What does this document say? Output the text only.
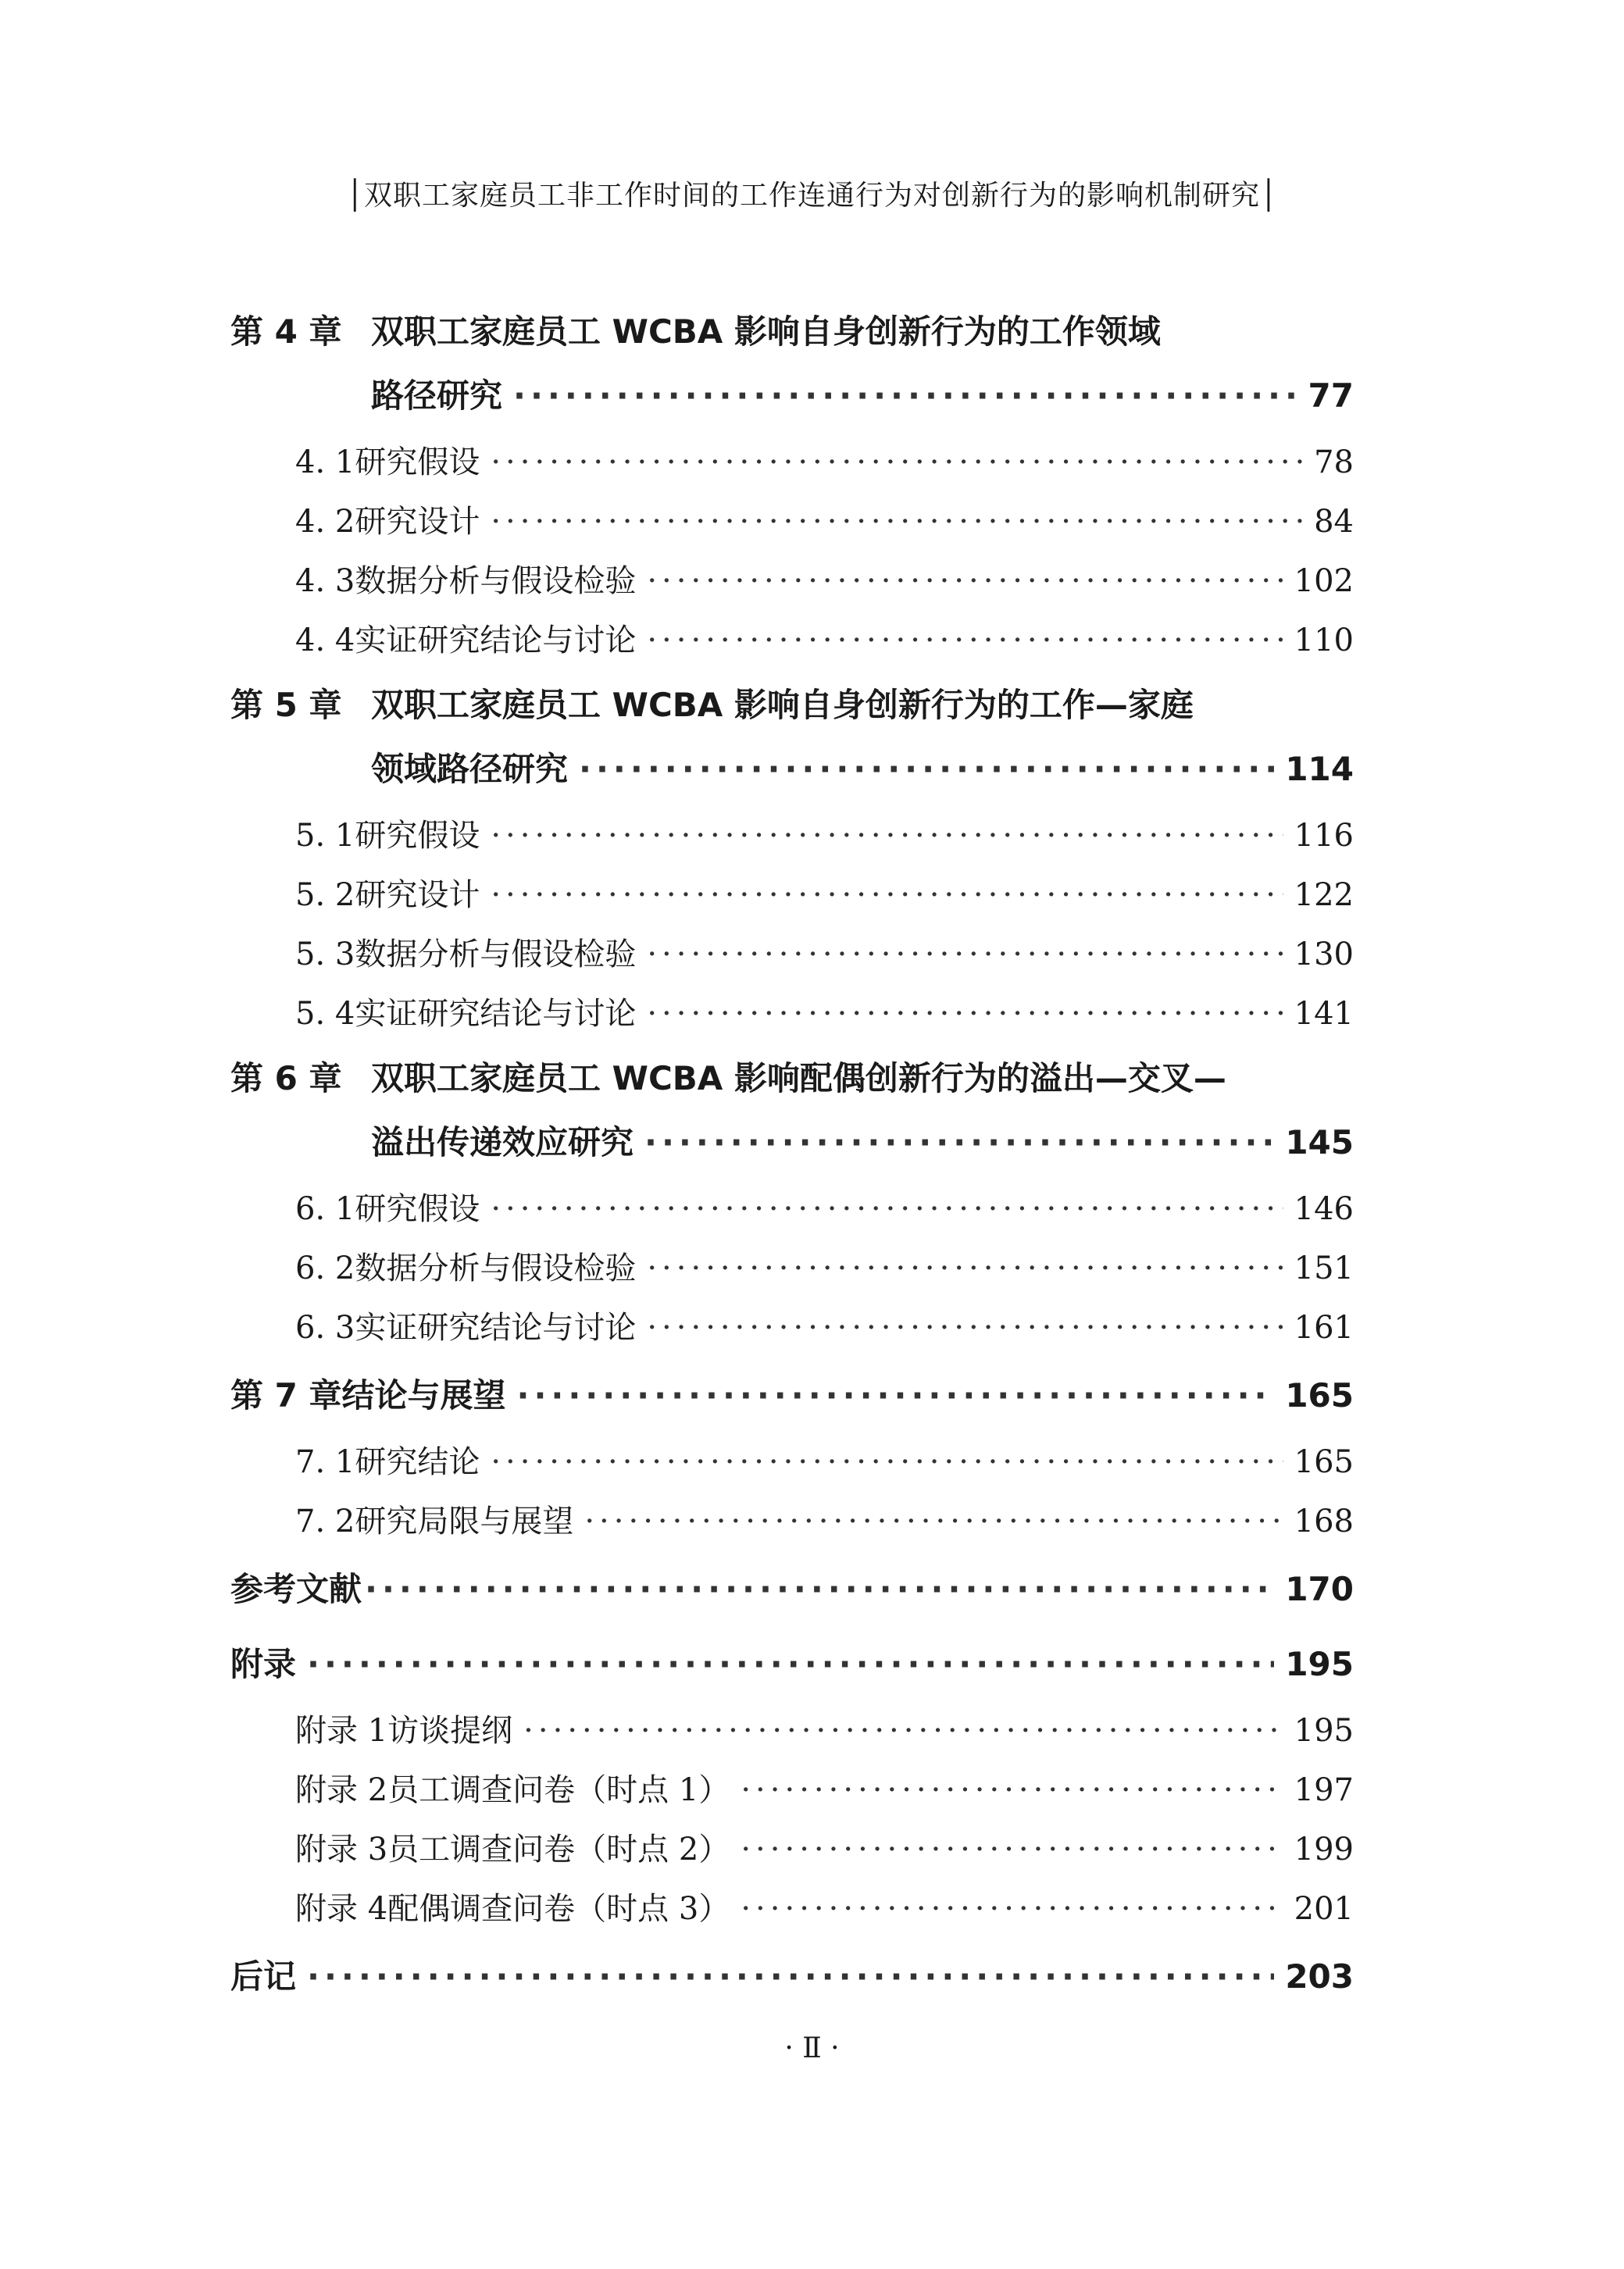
│双职工家庭员工非工作时间的工作连通行为对创新行为的影响机制研究│
第 4 章 双职工家庭员工 WCBA 影响自身创新行为的工作领域
路径研究 ·····	77
4. 1 研究假设 ·····	78
4. 2 研究设计 ·····	84
4. 3 数据分析与假设检验 ·····	102
4. 4 实证研究结论与讨论 ·····	110
第 5 章 双职工家庭员工 WCBA 影响自身创新行为的工作—家庭
领域路径研究 ·····	114
5. 1 研究假设 ·····	116
5. 2 研究设计 ·····	122
5. 3 数据分析与假设检验 ·····	130
5. 4 实证研究结论与讨论 ·····	141
第 6 章 双职工家庭员工 WCBA 影响配偶创新行为的溢出—交叉—
溢出传递效应研究 ·····	145
6. 1 研究假设 ·····	146
6. 2 数据分析与假设检验 ·····	151
6. 3 实证研究结论与讨论 ·····	161
第 7 章 结论与展望 ·····	165
7. 1 研究结论 ·····	165
7. 2 研究局限与展望 ·····	168
参考文献 ·····	170
附录 ·····	195
附录 1 访谈提纲 ·····	195
附录 2 员工调查问卷（时点 1） ·····	197
附录 3 员工调查问卷（时点 2） ·····	199
附录 4 配偶调查问卷（时点 3） ·····	201
后记 ·····	203
· Ⅱ ·
